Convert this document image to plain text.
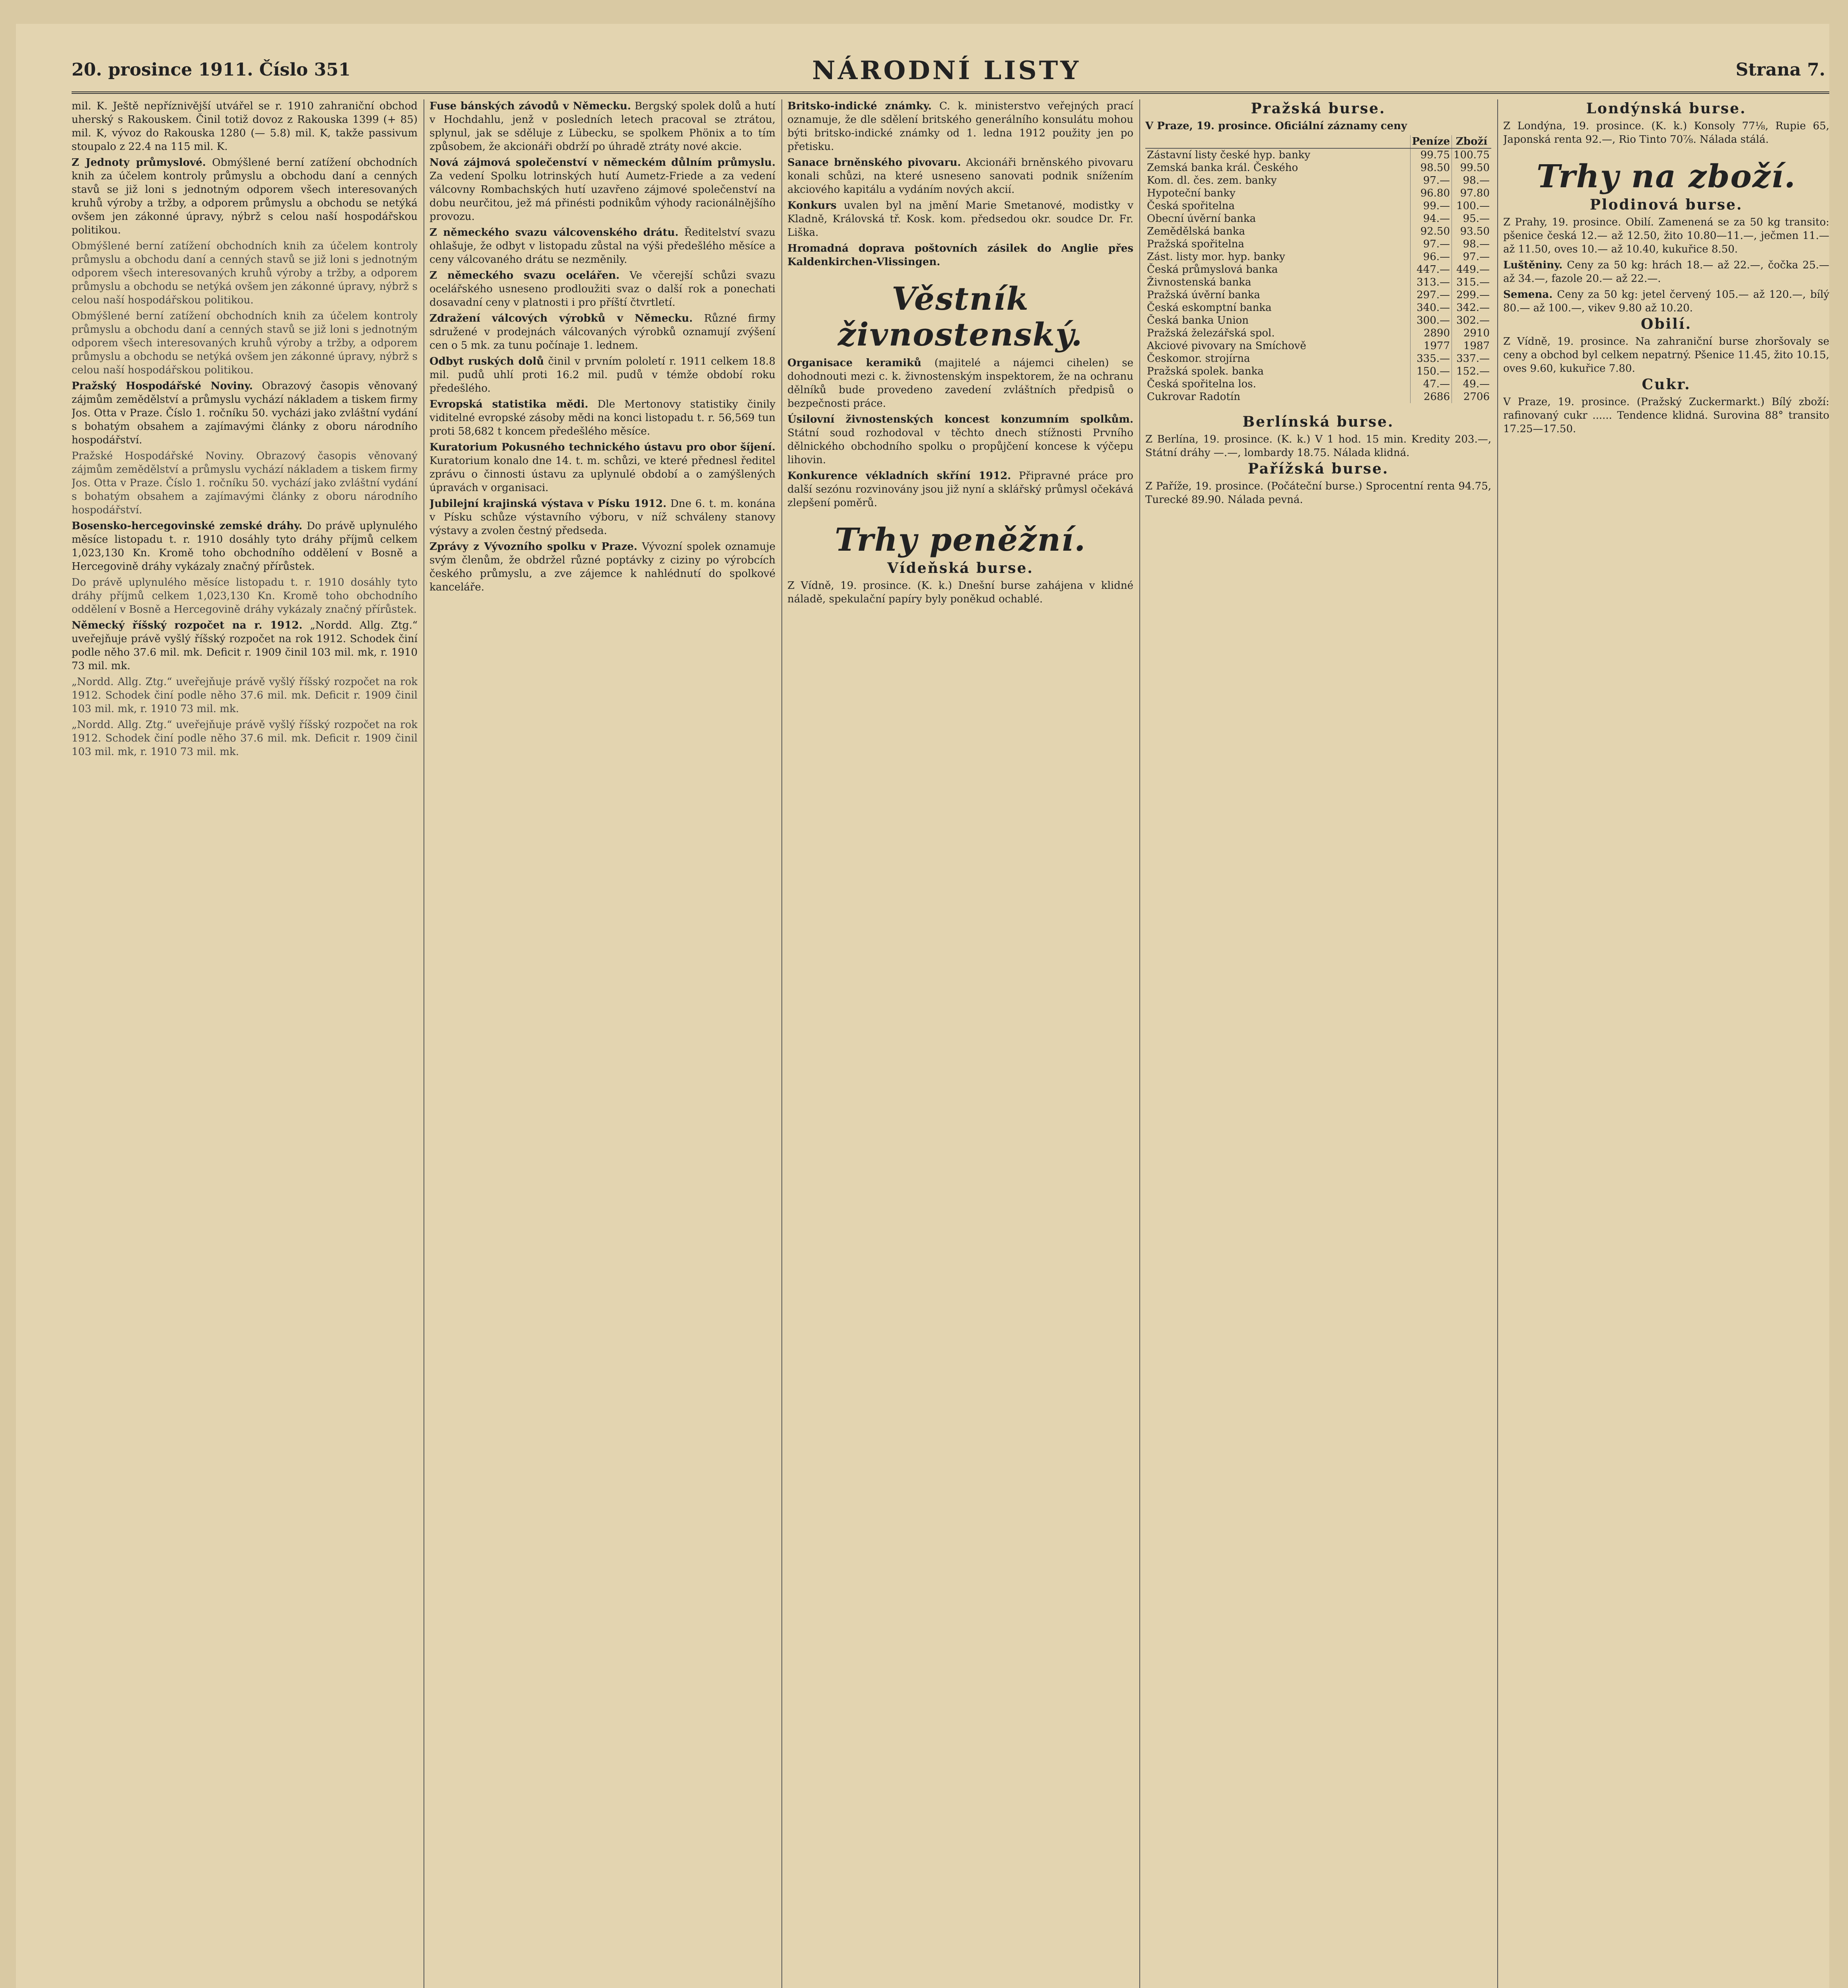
20. prosince 1911. Číslo 351	NÁRODNÍ LISTY	Strana 7.

mil. K. Ještě nepříznivější utvářel se r. 1910 zahraniční obchod uherský s Rakouskem. Činil totiž dovoz z Rakouska 1399 (+ 85) mil. K, vývoz do Rakouska 1280 (— 5.8) mil. K, takže passivum stoupalo z 22.4 na 115 mil. K.

Z Jednoty průmyslové. Obmýšlené berní zatížení obchodních knih za účelem kontroly průmyslu a obchodu daní a cenných stavů se již loni s jednotným odporem všech interesovaných kruhů výroby a tržby, a odporem průmyslu a obchodu se netýká ovšem jen zákonné úpravy, nýbrž s celou naší hospodářskou politikou.

Obmýšlené berní zatížení obchodních knih za účelem kontroly průmyslu a obchodu daní a cenných stavů se již loni s jednotným odporem všech interesovaných kruhů výroby a tržby, a odporem průmyslu a obchodu se netýká ovšem jen zákonné úpravy, nýbrž s celou naší hospodářskou politikou.

Obmýšlené berní zatížení obchodních knih za účelem kontroly průmyslu a obchodu daní a cenných stavů se již loni s jednotným odporem všech interesovaných kruhů výroby a tržby, a odporem průmyslu a obchodu se netýká ovšem jen zákonné úpravy, nýbrž s celou naší hospodářskou politikou.

Pražský Hospodářské Noviny. Obrazový časopis věnovaný zájmům zemědělství a průmyslu vychází nákladem a tiskem firmy Jos. Otta v Praze. Číslo 1. ročníku 50. vycházi jako zvláštní vydání s bohatým obsahem a zajímavými články z oboru národního hospodářství.

Pražské Hospodářské Noviny. Obrazový časopis věnovaný zájmům zemědělství a průmyslu vychází nákladem a tiskem firmy Jos. Otta v Praze. Číslo 1. ročníku 50. vychází jako zvláštní vydání s bohatým obsahem a zajímavými články z oboru národního hospodářství.

Bosensko-hercegovinské zemské dráhy. Do právě uplynulého měsíce listopadu t. r. 1910 dosáhly tyto dráhy příjmů celkem 1,023,130 Kn. Kromě toho obchodního oddělení v Bosně a Hercegovině dráhy vykázaly značný přírůstek.

Do právě uplynulého měsíce listopadu t. r. 1910 dosáhly tyto dráhy příjmů celkem 1,023,130 Kn. Kromě toho obchodního oddělení v Bosně a Hercegovině dráhy vykázaly značný přírůstek.

Německý říšský rozpočet na r. 1912. „Nordd. Allg. Ztg.“ uveřejňuje právě vyšlý říšský rozpočet na rok 1912. Schodek činí podle něho 37.6 mil. mk. Deficit r. 1909 činil 103 mil. mk, r. 1910 73 mil. mk.

„Nordd. Allg. Ztg.“ uveřejňuje právě vyšlý říšský rozpočet na rok 1912. Schodek činí podle něho 37.6 mil. mk. Deficit r. 1909 činil 103 mil. mk, r. 1910 73 mil. mk.

„Nordd. Allg. Ztg.“ uveřejňuje právě vyšlý říšský rozpočet na rok 1912. Schodek činí podle něho 37.6 mil. mk. Deficit r. 1909 činil 103 mil. mk, r. 1910 73 mil. mk.

Fuse bánských závodů v Německu. Bergský spolek dolů a hutí v Hochdahlu, jenž v posledních letech pracoval se ztrátou, splynul, jak se sděluje z Lübecku, se spolkem Phönix a to tím způsobem, že akcionáři obdrží po úhradě ztráty nové akcie.

Nová zájmová společenství v německém důlním průmyslu. Za vedení Spolku lotrinských hutí Aumetz-Friede a za vedení válcovny Rombachských hutí uzavřeno zájmové společenství na dobu neurčitou, jež má přinésti podnikům výhody racionálnějšího provozu.

Z německého svazu válcovenského drátu. Ředitelství svazu ohlašuje, že odbyt v listopadu zůstal na výši předešlého měsíce a ceny válcovaného drátu se nezměnily.

Z německého svazu ocelářen. Ve včerejší schůzi svazu ocelářského usneseno prodloužiti svaz o další rok a ponechati dosavadní ceny v platnosti i pro příští čtvrtletí.

Zdražení válcových výrobků v Německu. Různé firmy sdružené v prodejnách válcovaných výrobků oznamují zvýšení cen o 5 mk. za tunu počínaje 1. lednem.

Odbyt ruských dolů činil v prvním pololetí r. 1911 celkem 18.8 mil. pudů uhlí proti 16.2 mil. pudů v témže období roku předešlého.

Evropská statistika mědi. Dle Mertonovy statistiky činily viditelné evropské zásoby mědi na konci listopadu t. r. 56,569 tun proti 58,682 t koncem předešlého měsíce.

Kuratorium Pokusného technického ústavu pro obor šíjení. Kuratorium konalo dne 14. t. m. schůzi, ve které přednesl ředitel zprávu o činnosti ústavu za uplynulé období a o zamýšlených úpravách v organisaci.

Jubilejní krajinská výstava v Písku 1912. Dne 6. t. m. konána v Písku schůze výstavního výboru, v níž schváleny stanovy výstavy a zvolen čestný předseda.

Zprávy z Vývozního spolku v Praze. Vývozní spolek oznamuje svým členům, že obdržel různé poptávky z ciziny po výrobcích českého průmyslu, a zve zájemce k nahlédnutí do spolkové kanceláře.

Britsko-indické známky. C. k. ministerstvo veřejných prací oznamuje, že dle sdělení britského generálního konsulátu mohou býti britsko-indické známky od 1. ledna 1912 použity jen po přetisku.

Sanace brněnského pivovaru. Akcionáři brněnského pivovaru konali schůzi, na které usneseno sanovati podnik snížením akciového kapitálu a vydáním nových akcií.

Konkurs uvalen byl na jmění Marie Smetanové, modistky v Kladně, Královská tř. Kosk. kom. předsedou okr. soudce Dr. Fr. Liška.

Hromadná doprava poštovních zásilek do Anglie přes Kaldenkirchen-Vlissingen.

Věstník živnostenský.

Organisace keramiků (majitelé a nájemci cihelen) se dohodnouti mezi c. k. živnostenským inspektorem, že na ochranu dělníků bude provedeno zavedení zvláštních předpisů o bezpečnosti práce.

Úsilovní živnostenských koncest konzumním spolkům. Státní soud rozhodoval v těchto dnech stížnosti Prvního dělnického obchodního spolku o propůjčení koncese k výčepu lihovin.

Konkurence vékladních skříní 1912. Připravné práce pro další sezónu rozvinovány jsou již nyní a sklářský průmysl očekává zlepšení poměrů.

Trhy peněžní.
Vídeňská burse.

Z Vídně, 19. prosince. (K. k.) Dnešní burse zahájena v klidné náladě, spekulační papíry byly poněkud ochablé.

Pražská burse.

V Praze, 19. prosince. Oficiální záznamy ceny

	Peníze	Zboží
Zástavní listy české hyp. banky	99.75	100.75
Zemská banka král. Českého	98.50	99.50
Kom. dl. čes. zem. banky	97.—	98.—
Hypoteční banky	96.80	97.80
Česká spořitelna	99.—	100.—
Obecní úvěrní banka	94.—	95.—
Zemědělská banka	92.50	93.50
Pražská spořitelna	97.—	98.—
Zást. listy mor. hyp. banky	96.—	97.—
Česká průmyslová banka	447.—	449.—
Živnostenská banka	313.—	315.—
Pražská úvěrní banka	297.—	299.—
Česká eskomptní banka	340.—	342.—
Česká banka Union	300.—	302.—
Pražská železářská spol.	2890	2910
Akciové pivovary na Smíchově	1977	1987
Českomor. strojírna	335.—	337.—
Pražská spolek. banka	150.—	152.—
Česká spořitelna los.	47.—	49.—
Cukrovar Radotín	2686	2706
Berlínská burse.

Z Berlína, 19. prosince. (K. k.) V 1 hod. 15 min. Kredity 203.—, Státní dráhy —.—, lombardy 18.75. Nálada klidná.

Pařížská burse.

Z Paříže, 19. prosince. (Počáteční burse.) Sprocentní renta 94.75, Turecké 89.90. Nálada pevná.

Londýnská burse.

Z Londýna, 19. prosince. (K. k.) Konsoly 77⅛, Rupie 65, Japonská renta 92.—, Rio Tinto 70⅞. Nálada stálá.

Trhy na zboží.
Plodinová burse.

Z Prahy, 19. prosince. Obilí. Zamenená se za 50 kg transito: pšenice česká 12.— až 12.50, žito 10.80—11.—, ječmen 11.— až 11.50, oves 10.— až 10.40, kukuřice 8.50.

Luštěniny. Ceny za 50 kg: hrách 18.— až 22.—, čočka 25.— až 34.—, fazole 20.— až 22.—.

Semena. Ceny za 50 kg: jetel červený 105.— až 120.—, bílý 80.— až 100.—, vikev 9.80 až 10.20.

Obilí.

Z Vídně, 19. prosince. Na zahraniční burse zhoršovaly se ceny a obchod byl celkem nepatrný. Pšenice 11.45, žito 10.15, oves 9.60, kukuřice 7.80.

Cukr.

V Praze, 19. prosince. (Pražský Zuckermarkt.) Bílý zboží: rafinovaný cukr ...... Tendence klidná. Surovina 88° transito 17.25—17.50.
